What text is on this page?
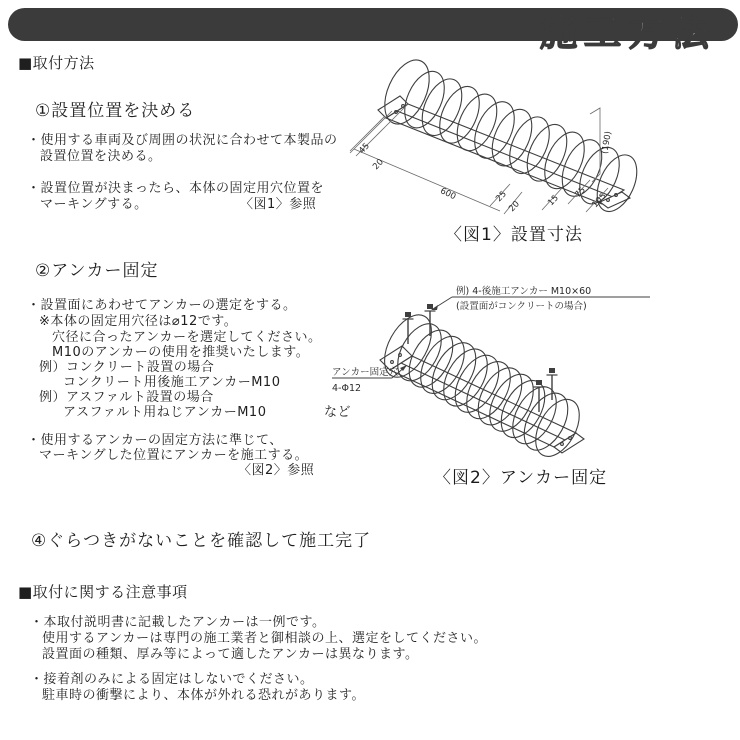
施工方法
■取付方法
①設置位置を決める
・使用する車両及び周囲の状況に合わせて本製品の
設置位置を決める。
・設置位置が決まったら、本体の固定用穴位置を
マーキングする。	〈図1〉参照
45
20
600	25
20	15
75 105
(190)
〈図1〉設置寸法
②アンカー固定
・設置面にあわせてアンカーの選定をする。
※本体の固定用穴径は⌀12です。
穴径に合ったアンカーを選定してください。
M10のアンカーの使用を推奨いたします。
例）コンクリート設置の場合
コンクリート用後施工アンカーM10
例）アスファルト設置の場合
アスファルト用ねじアンカーM10	など
・使用するアンカーの固定方法に準じて、
マーキングした位置にアンカーを施工する。
〈図2〉参照
例) 4-後施工アンカー M10×60
(設置面がコンクリートの場合)
アンカー固定穴
4-Φ12
〈図2〉アンカー固定
④ぐらつきがないことを確認して施工完了
■取付に関する注意事項
・本取付説明書に記載したアンカーは一例です。
使用するアンカーは専門の施工業者と御相談の上、選定をしてください。
設置面の種類、厚み等によって適したアンカーは異なります。
・接着剤のみによる固定はしないでください。
駐車時の衝撃により、本体が外れる恐れがあります。
